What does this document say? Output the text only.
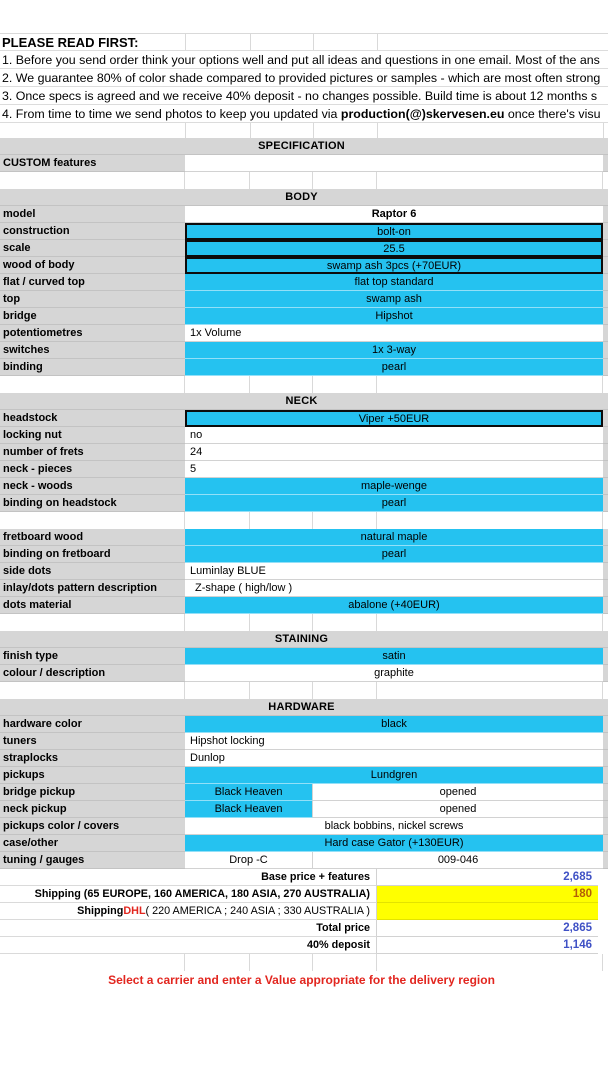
PLEASE READ FIRST:
1. Before you send order think your options well and put all ideas and questions in one email. Most of the ans
2. We guarantee 80% of color shade compared to provided pictures or samples - which are most often strong
3. Once specs is agreed and we receive 40% deposit - no changes possible. Build time is about 12 months s
4. From time to time we send photos to keep you updated via production(@)skervesen.eu once there's visu
SPECIFICATION
CUSTOM features
BODY
model	Raptor 6
construction	bolt-on
scale	25.5
wood of body	swamp ash 3pcs (+70EUR)
flat / curved top	flat top standard
top	swamp ash
bridge	Hipshot
potentiometres	1x Volume
switches	1x 3-way
binding	pearl
NECK
headstock	Viper +50EUR
locking nut	no
number of frets	24
neck - pieces	5
neck - woods	maple-wenge
binding on headstock	pearl
fretboard wood	natural maple
binding on fretboard	pearl
side dots	Luminlay BLUE
inlay/dots pattern description	Z-shape ( high/low )
dots material	abalone (+40EUR)
STAINING
finish type	satin
colour / description	graphite
HARDWARE
hardware color	black
tuners	Hipshot locking
straplocks	Dunlop
pickups	Lundgren
bridge pickup	Black Heaven	opened
neck pickup	Black Heaven	opened
pickups color / covers	black bobbins, nickel screws
case/other	Hard case Gator (+130EUR)
tuning / gauges	Drop -C	009-046
Base price + features	2,685
Shipping (65 EUROPE, 160 AMERICA, 180 ASIA, 270 AUSTRALIA)	180
Shipping DHL ( 220 AMERICA ; 240 ASIA ; 330 AUSTRALIA )
Total price	2,865
40% deposit	1,146
Select a carrier and enter a Value appropriate for the delivery region
